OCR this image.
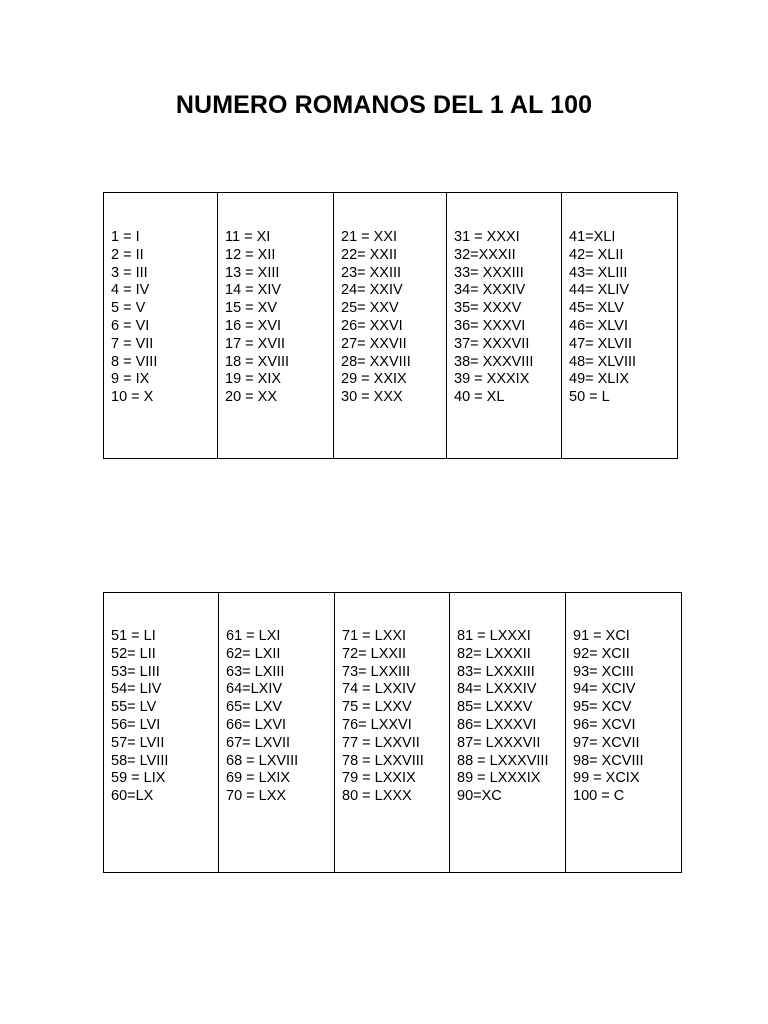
NUMERO ROMANOS DEL 1 AL 100
1 = I
2 = II
3 = III
4 = IV
5 = V
6 = VI
7 = VII
8 = VIII
9 = IX
10 = X
11 = XI
12 = XII
13 = XIII
14 = XIV
15 = XV
16 = XVI
17 = XVII
18 = XVIII
19 = XIX
20 = XX
21 = XXI
22= XXII
23= XXIII
24= XXIV
25= XXV
26= XXVI
27= XXVII
28= XXVIII
29 = XXIX
30 = XXX
31 = XXXI
32=XXXII
33= XXXIII
34= XXXIV
35= XXXV
36= XXXVI
37= XXXVII
38= XXXVIII
39 = XXXIX
40 = XL
41=XLI
42= XLII
43= XLIII
44= XLIV
45= XLV
46= XLVI
47= XLVII
48= XLVIII
49= XLIX
50 = L
51 = LI
52= LII
53= LIII
54= LIV
55= LV
56= LVI
57= LVII
58= LVIII
59 = LIX
60=LX
61 = LXI
62= LXII
63= LXIII
64=LXIV
65= LXV
66= LXVI
67= LXVII
68 = LXVIII
69 = LXIX
70 = LXX
71 = LXXI
72= LXXII
73= LXXIII
74 = LXXIV
75 = LXXV
76= LXXVI
77 = LXXVII
78 = LXXVIII
79 = LXXIX
80 = LXXX
81 = LXXXI
82= LXXXII
83= LXXXIII
84= LXXXIV
85= LXXXV
86= LXXXVI
87= LXXXVII
88 = LXXXVIII
89 = LXXXIX
90=XC
91 = XCI
92= XCII
93= XCIII
94= XCIV
95= XCV
96= XCVI
97= XCVII
98= XCVIII
99 = XCIX
100 = C
